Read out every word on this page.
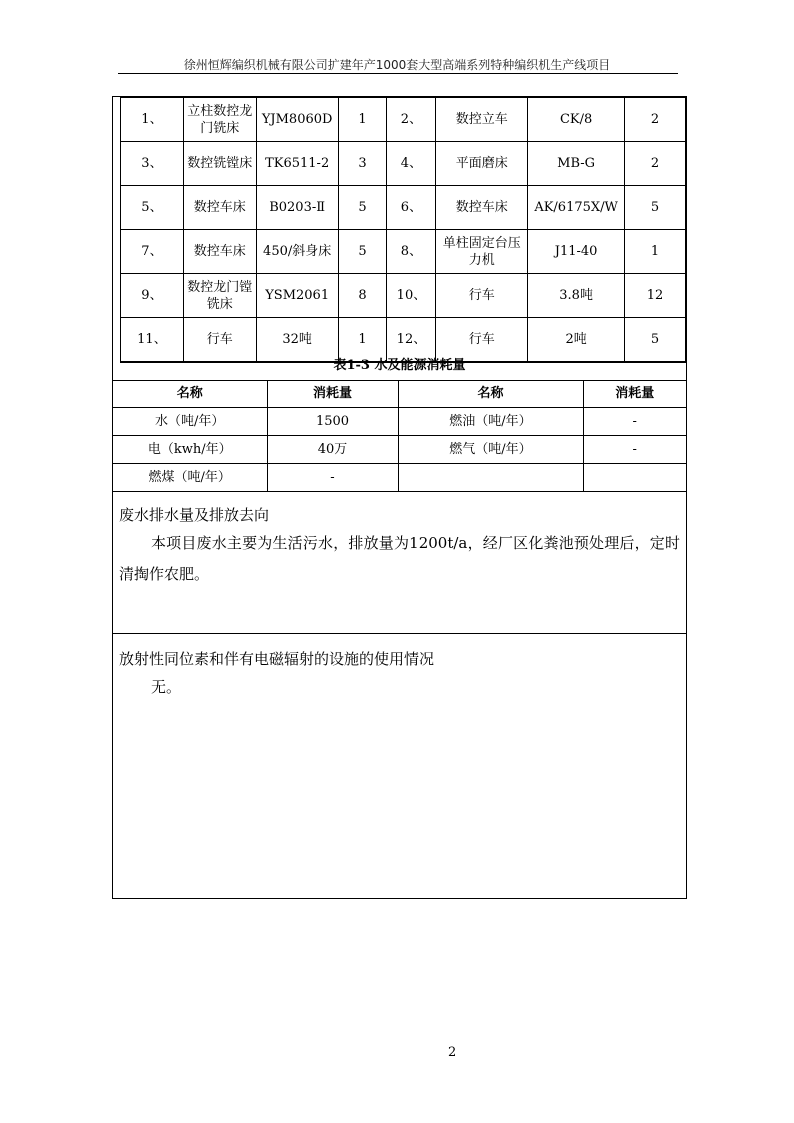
徐州恒辉编织机械有限公司扩建年产1000套大型高端系列特种编织机生产线项目
1、	立柱数控龙门铣床	YJM8060D	1	2、	数控立车	CK/8	2
3、	数控铣镗床	TK6511-2	3	4、	平面磨床	MB-G	2
5、	数控车床	B0203-Ⅱ	5	6、	数控车床	AK/6175X/W	5
7、	数控车床	450/斜身床	5	8、	单柱固定台压力机	J11-40	1
9、	数控龙门镗铣床	YSM2061	8	10、	行车	3.8吨	12
11、	行车	32吨	1	12、	行车	2吨	5
表1-3 水及能源消耗量
名称	消耗量	名称	消耗量
水（吨/年）	1500	燃油（吨/年）	-
电（kwh/年）	40万	燃气（吨/年）	-
燃煤（吨/年）	-		
废水排水量及排放去向
本项目废水主要为生活污水，排放量为1200t/a，经厂区化粪池预处理后，定时清掏作农肥。
放射性同位素和伴有电磁辐射的设施的使用情况
无。
2
